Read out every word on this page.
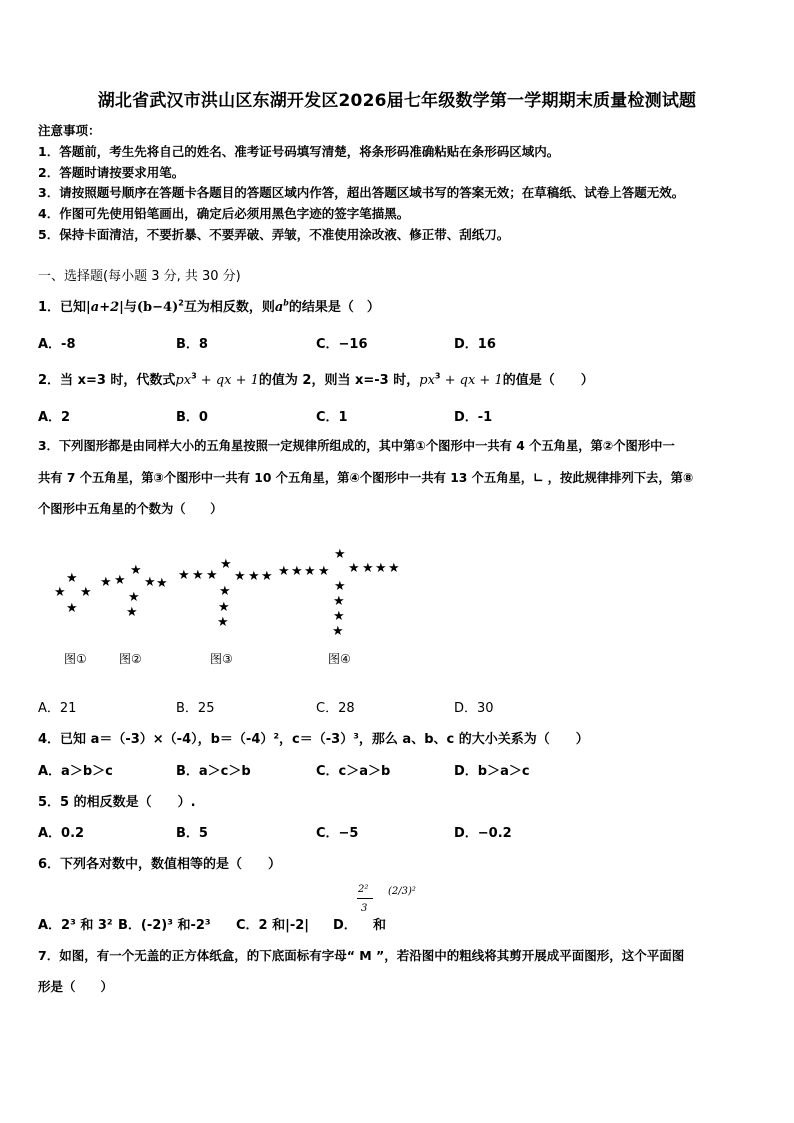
湖北省武汉市洪山区东湖开发区2026届七年级数学第一学期期末质量检测试题
注意事项：
1．答题前，考生先将自己的姓名、准考证号码填写清楚，将条形码准确粘贴在条形码区域内。
2．答题时请按要求用笔。
3．请按照题号顺序在答题卡各题目的答题区域内作答，超出答题区域书写的答案无效；在草稿纸、试卷上答题无效。
4．作图可先使用铅笔画出，确定后必须用黑色字迹的签字笔描黑。
5．保持卡面清洁，不要折暴、不要弄破、弄皱，不准使用涂改液、修正带、刮纸刀。
一、选择题(每小题 3 分, 共 30 分)
1．已知|a+2|与$(b-4)^2$互为相反数，则$a^b$的结果是（　）
A．-8	B．8	C．−16	D．16
2．当 x=3 时，代数式$px^3$ + qx + 1的值为 2，则当 x=-3 时，$px^3$ + qx + 1的值是（　　）
A．2	B．0	C．1	D．-1
3．下列图形都是由同样大小的五角星按照一定规律所组成的，其中第①个图形中一共有 4 个五角星，第②个图形中一
共有 7 个五角星，第③个图形中一共有 10 个五角星，第④个图形中一共有 13 个五角星，∟ ，按此规律排列下去，第⑧
个图形中五角星的个数为（　　）
★
★ ★
★
★ ★
★
★ ★
★
★
★ ★ ★
★
★ ★ ★
★
★
★
★ ★ ★ ★
★
★ ★ ★ ★
★
★
★
★
图①	图②	图③	图④
A．21	B．25	C．28	D．30
4．已知 a＝（-3）×（-4），b＝（-4）²，c＝（-3）³，那么 a、b、c 的大小关系为（　　）
A．a＞b＞c	B．a＞c＞b	C．c＞a＞b	D．b＞a＞c
5．5 的相反数是（　　）.
A．0.2	B．5	C．−5	D．−0.2
6．下列各对数中，数值相等的是（　　）
A．2³ 和 3² B．(-2)³ 和-2³ C．2 和|-2| D．
2²
3
和
(2/3)²
7．如图，有一个无盖的正方体纸盒，的下底面标有字母“ M ”，若沿图中的粗线将其剪开展成平面图形，这个平面图
形是（　　）
